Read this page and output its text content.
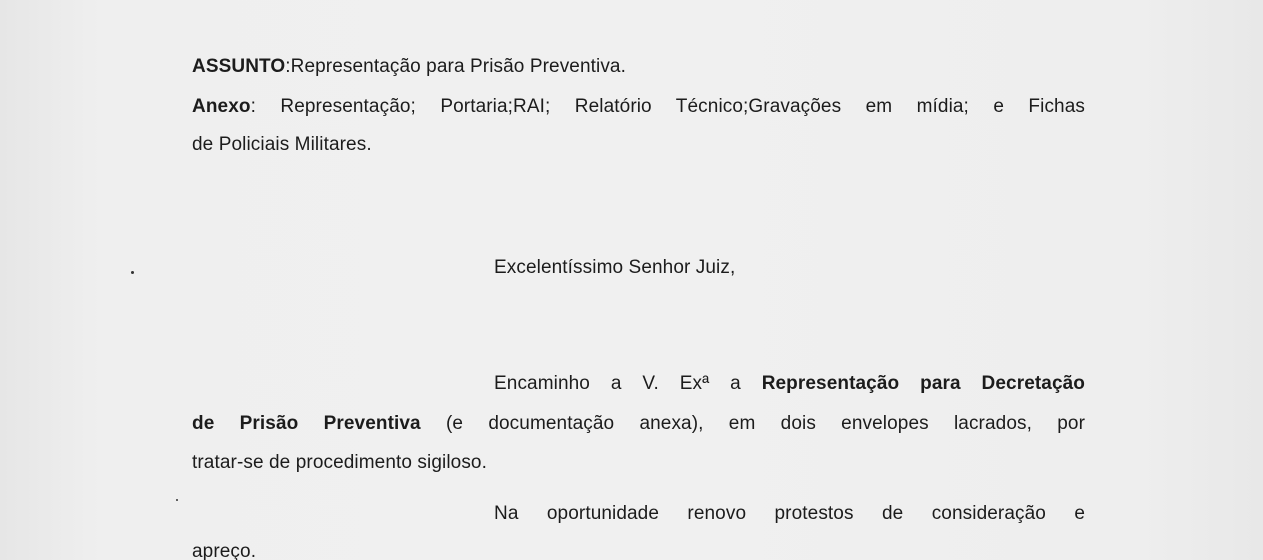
ASSUNTO:Representação para Prisão Preventiva.
Anexo: Representação; Portaria;RAI; Relatório Técnico;Gravações em mídia; e Fichas
de Policiais Militares.
Excelentíssimo Senhor Juiz,
Encaminho a V. Exª a Representação para Decretação
de Prisão Preventiva (e documentação anexa), em dois envelopes lacrados, por
tratar-se de procedimento sigiloso.
Na oportunidade renovo protestos de consideração e
apreço.
